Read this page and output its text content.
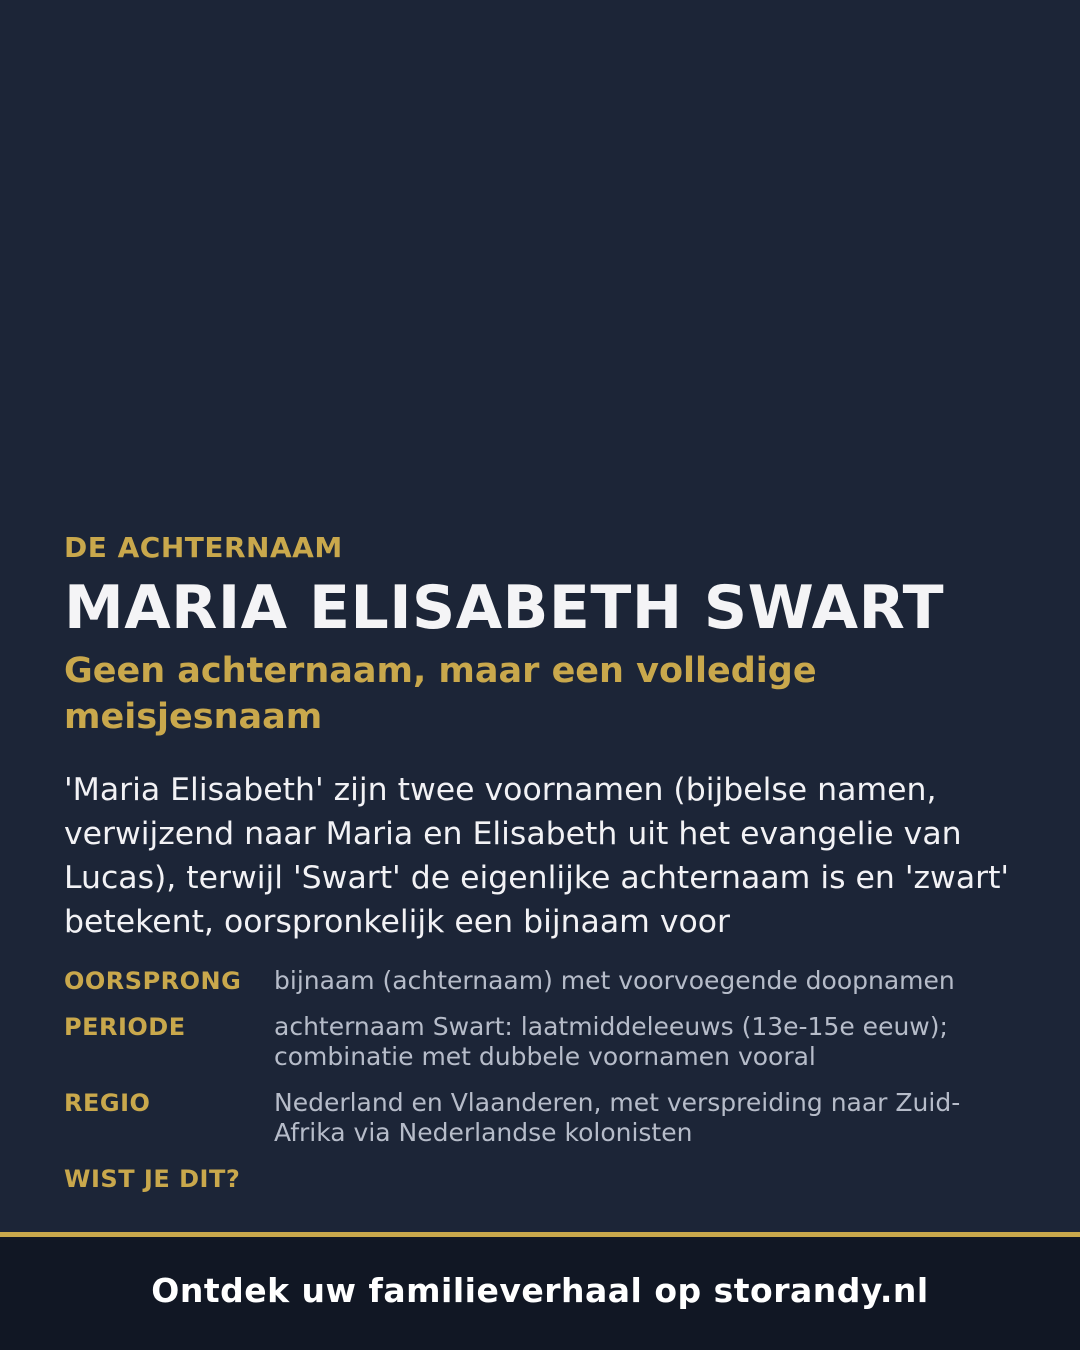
DE ACHTERNAAM
MARIA ELISABETH SWART
Geen achternaam, maar een volledige meisjesnaam
'Maria Elisabeth' zijn twee voornamen (bijbelse namen, verwijzend naar Maria en Elisabeth uit het evangelie van Lucas), terwijl 'Swart' de eigenlijke achternaam is en 'zwart' betekent, oorspronkelijk een bijnaam voor
OORSPRONG	bijnaam (achternaam) met voorvoegende doopnamen
PERIODE	achternaam Swart: laatmiddeleeuws (13e-15e eeuw); combinatie met dubbele voornamen vooral
REGIO	Nederland en Vlaanderen, met verspreiding naar Zuid-Afrika via Nederlandse kolonisten
WIST JE DIT?
Ontdek uw familieverhaal op storandy.nl
